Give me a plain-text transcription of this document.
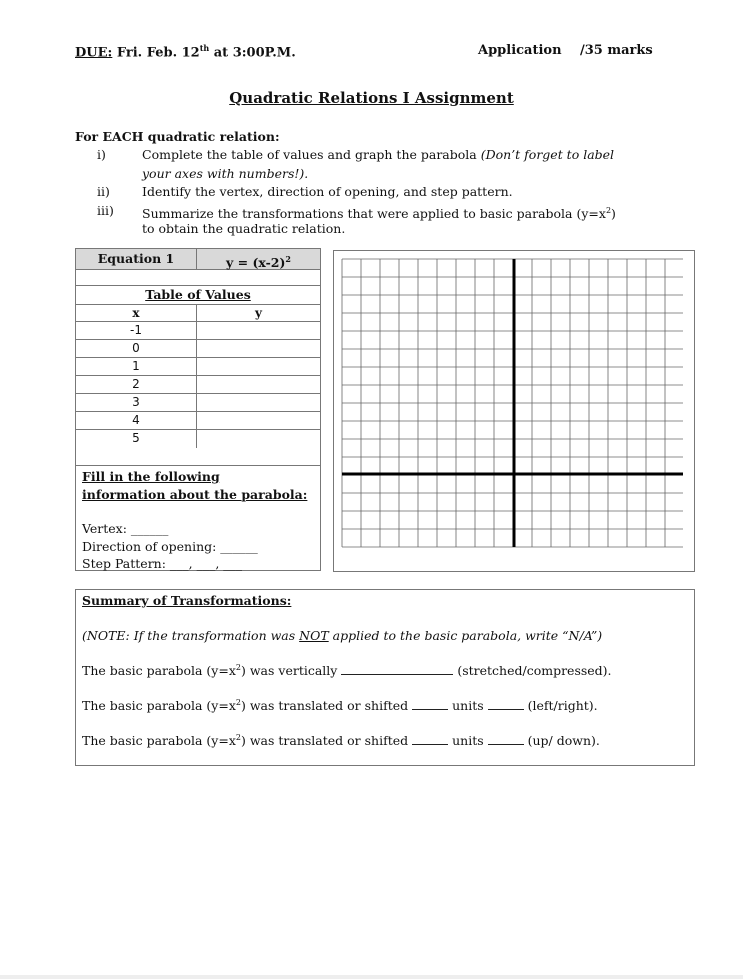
DUE: Fri. Feb. 12th at 3:00P.M.	Application /35 marks
Quadratic Relations I Assignment
For EACH quadratic relation:
i)	Complete the table of values and graph the parabola (Don’t forget to label
your axes with numbers!).
ii)	Identify the vertex, direction of opening, and step pattern.
iii) Summarize the transformations that were applied to basic parabola $(y=x^2)$
to obtain the quadratic relation.
Equation 1	$y = (x-2)^2$
Table of Values
x	y
-1
0
1
2
3
4
5
Fill in the following
information about the parabola:
Vertex: ______
Direction of opening: ______
Step Pattern: ___, ___, ___
Summary of Transformations:
(NOTE: If the transformation was NOT applied to the basic parabola, write “N/A”)
The basic parabola $(y=x^2)$ was vertically	(stretched/compressed).
The basic parabola $(y=x^2)$ was translated or shifted	units	(left/right).
The basic parabola $(y=x^2)$ was translated or shifted	units	(up/ down).
